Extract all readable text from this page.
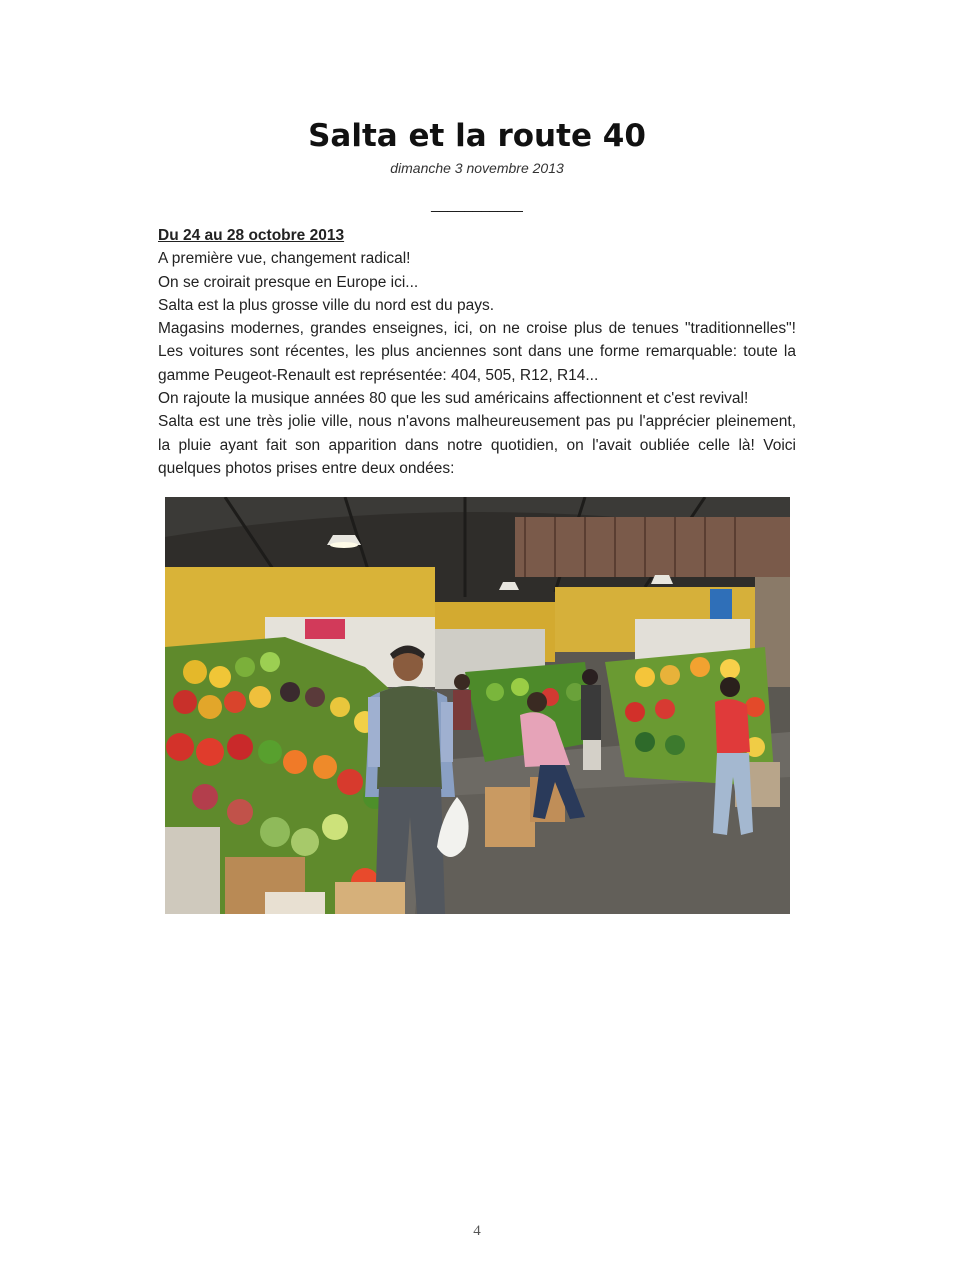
Salta et la route 40
dimanche 3 novembre 2013
___________

Du 24 au 28 octobre 2013

A première vue, changement radical!

On se croirait presque en Europe ici...

Salta est la plus grosse ville du nord est du pays.

Magasins modernes, grandes enseignes, ici, on ne croise plus de tenues "traditionnelles"! Les voitures sont récentes, les plus anciennes sont dans une forme remarquable: toute la gamme Peugeot-Renault est représentée: 404, 505, R12, R14...

On rajoute la musique années 80 que les sud américains affectionnent et c'est revival!

Salta est une très jolie ville, nous n'avons malheureusement pas pu l'apprécier pleinement, la pluie ayant fait son apparition dans notre quotidien, on l'avait oubliée celle là! Voici quelques photos prises entre deux ondées:

4
